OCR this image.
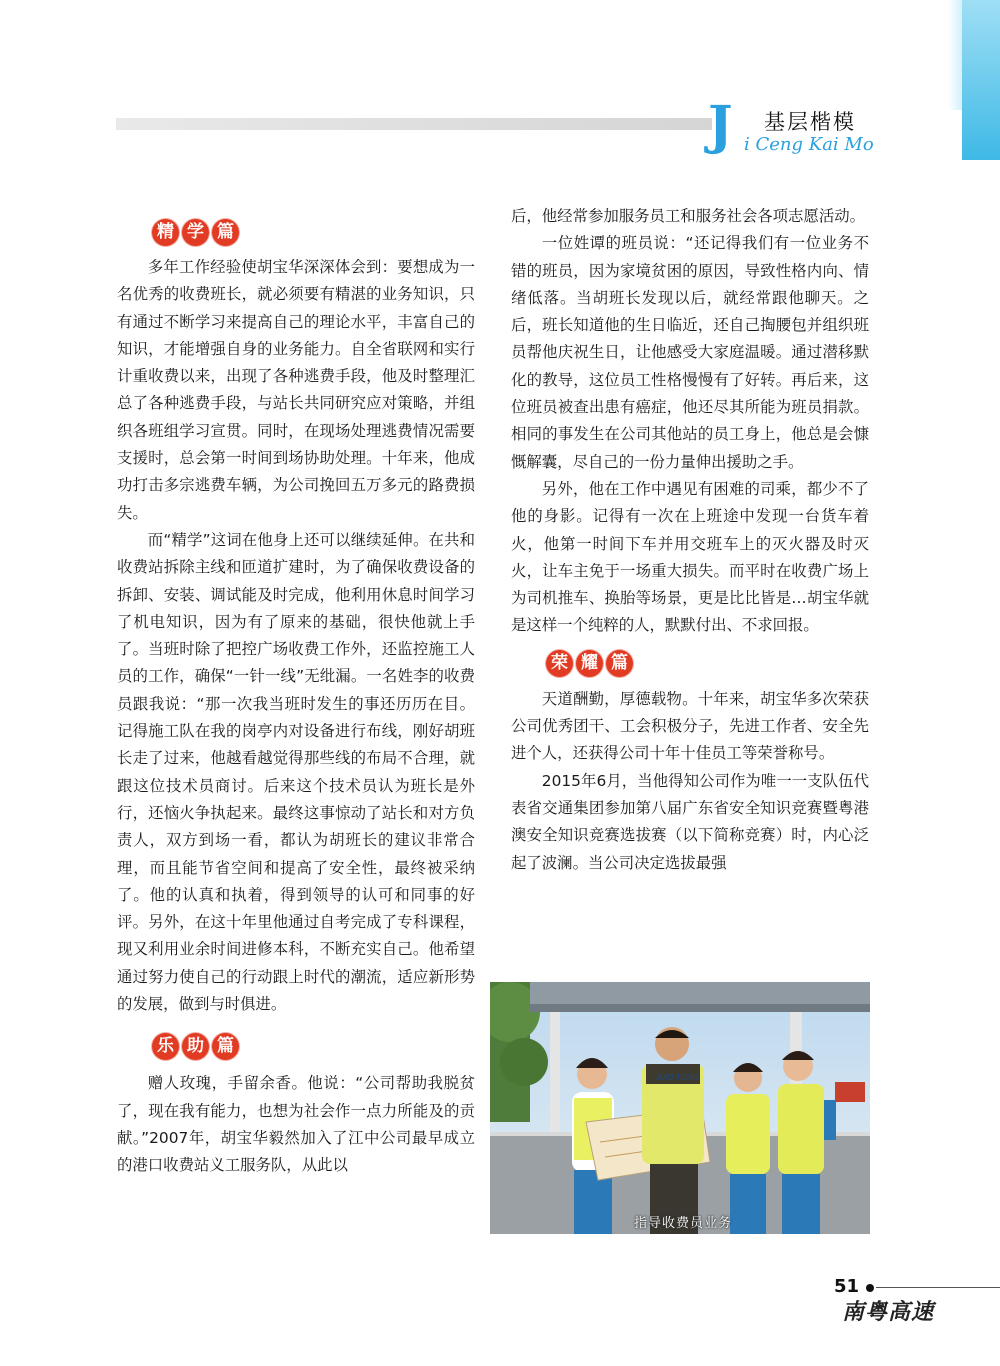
J 基层楷模
i Ceng Kai Mo
精 学 篇

多年工作经验使胡宝华深深体会到：要想成为一名优秀的收费班长，就必须要有精湛的业务知识，只有通过不断学习来提高自己的理论水平，丰富自己的知识，才能增强自身的业务能力。自全省联网和实行计重收费以来，出现了各种逃费手段，他及时整理汇总了各种逃费手段，与站长共同研究应对策略，并组织各班组学习宣贯。同时，在现场处理逃费情况需要支援时，总会第一时间到场协助处理。十年来，他成功打击多宗逃费车辆，为公司挽回五万多元的路费损失。

而“精学”这词在他身上还可以继续延伸。在共和收费站拆除主线和匝道扩建时，为了确保收费设备的拆卸、安装、调试能及时完成，他利用休息时间学习了机电知识，因为有了原来的基础，很快他就上手了。当班时除了把控广场收费工作外，还监控施工人员的工作，确保“一针一线”无纰漏。一名姓李的收费员跟我说：“那一次我当班时发生的事还历历在目。记得施工队在我的岗亭内对设备进行布线，刚好胡班长走了过来，他越看越觉得那些线的布局不合理，就跟这位技术员商讨。后来这个技术员认为班长是外行，还恼火争执起来。最终这事惊动了站长和对方负责人，双方到场一看，都认为胡班长的建议非常合理，而且能节省空间和提高了安全性，最终被采纳了。他的认真和执着，得到领导的认可和同事的好评。另外，在这十年里他通过自考完成了专科课程，现又利用业余时间进修本科，不断充实自己。他希望通过努力使自己的行动跟上时代的潮流，适应新形势的发展，做到与时俱进。

乐 助 篇

赠人玫瑰，手留余香。他说：“公司帮助我脱贫了，现在我有能力，也想为社会作一点力所能及的贡献。”2007年，胡宝华毅然加入了江中公司最早成立的港口收费站义工服务队，从此以

后，他经常参加服务员工和服务社会各项志愿活动。

一位姓谭的班员说：“还记得我们有一位业务不错的班员，因为家境贫困的原因，导致性格内向、情绪低落。当胡班长发现以后，就经常跟他聊天。之后，班长知道他的生日临近，还自己掏腰包并组织班员帮他庆祝生日，让他感受大家庭温暖。通过潜移默化的教导，这位员工性格慢慢有了好转。再后来，这位班员被查出患有癌症，他还尽其所能为班员捐款。相同的事发生在公司其他站的员工身上，他总是会慷慨解囊，尽自己的一份力量伸出援助之手。

另外，他在工作中遇见有困难的司乘，都少不了他的身影。记得有一次在上班途中发现一台货车着火，他第一时间下车并用交班车上的灭火器及时灭火，让车主免于一场重大损失。而平时在收费广场上为司机推车、换胎等场景，更是比比皆是…胡宝华就是这样一个纯粹的人，默默付出、不求回报。

荣 耀 篇

天道酬勤，厚德载物。十年来，胡宝华多次荣获公司优秀团干、工会积极分子，先进工作者、安全先进个人，还获得公司十年十佳员工等荣誉称号。

2015年6月，当他得知公司作为唯一一支队伍代表省交通集团参加第八届广东省安全知识竞赛暨粤港澳安全知识竞赛选拔赛（以下简称竞赛）时，内心泛起了波澜。当公司决定选拔最强

JIAO TONG
指导收费员业务
51
南粤高速
